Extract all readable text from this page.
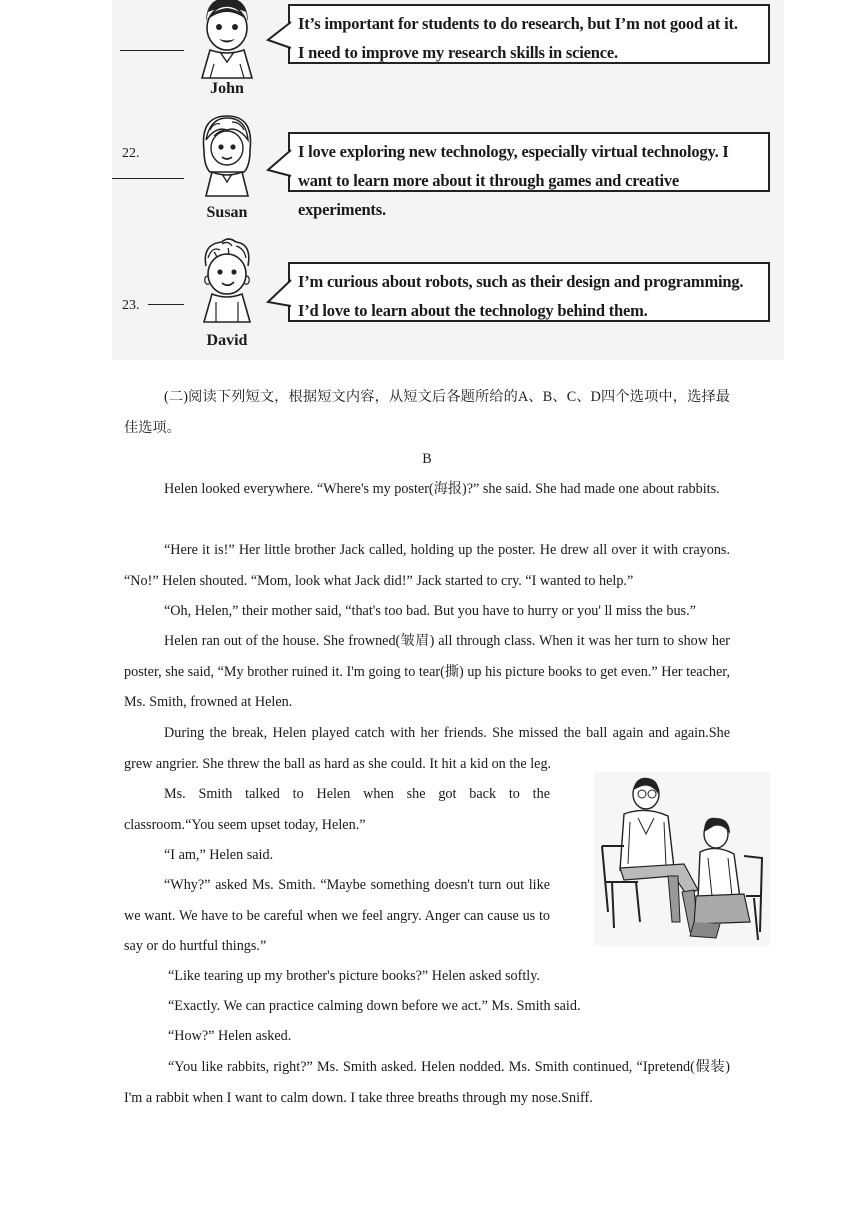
John
It’s important for students to do research, but I’m not good at it.
I need to improve my research skills in science.
22.
Susan
I love exploring new technology, especially virtual technology. I
want to learn more about it through games and creative experiments.
23.
David
I’m curious about robots, such as their design and programming.
I’d love to learn about the technology behind them.
(二)阅读下列短文，根据短文内容，从短文后各题所给的A、B、C、D四个选项中，选择最佳选项。
B
Helen looked everywhere. “Where's my poster(海报)?” she said. She had made one about rabbits.
“Here it is!” Her little brother Jack called, holding up the poster. He drew all over it with crayons. “No!” Helen shouted. “Mom, look what Jack did!” Jack started to cry. “I wanted to help.”
“Oh, Helen,” their mother said, “that's too bad. But you have to hurry or you' ll miss the bus.”
Helen ran out of the house. She frowned(皱眉) all through class. When it was her turn to show her poster, she said, “My brother ruined it. I'm going to tear(撕) up his picture books to get even.” Her teacher, Ms. Smith, frowned at Helen.
During the break, Helen played catch with her friends. She missed the ball again and again.She grew angrier. She threw the ball as hard as she could. It hit a kid on the leg.
Ms. Smith talked to Helen when she got back to the classroom.“You seem upset today, Helen.”
“I am,” Helen said.
“Why?” asked Ms. Smith. “Maybe something doesn't turn out like we want. We have to be careful when we feel angry. Anger can cause us to say or do hurtful things.”
“Like tearing up my brother's picture books?” Helen asked softly.
“Exactly. We can practice calming down before we act.” Ms. Smith said.
“How?” Helen asked.
“You like rabbits, right?” Ms. Smith asked. Helen nodded. Ms. Smith continued, “Ipretend(假装) I'm a rabbit when I want to calm down. I take three breaths through my nose.Sniff.
